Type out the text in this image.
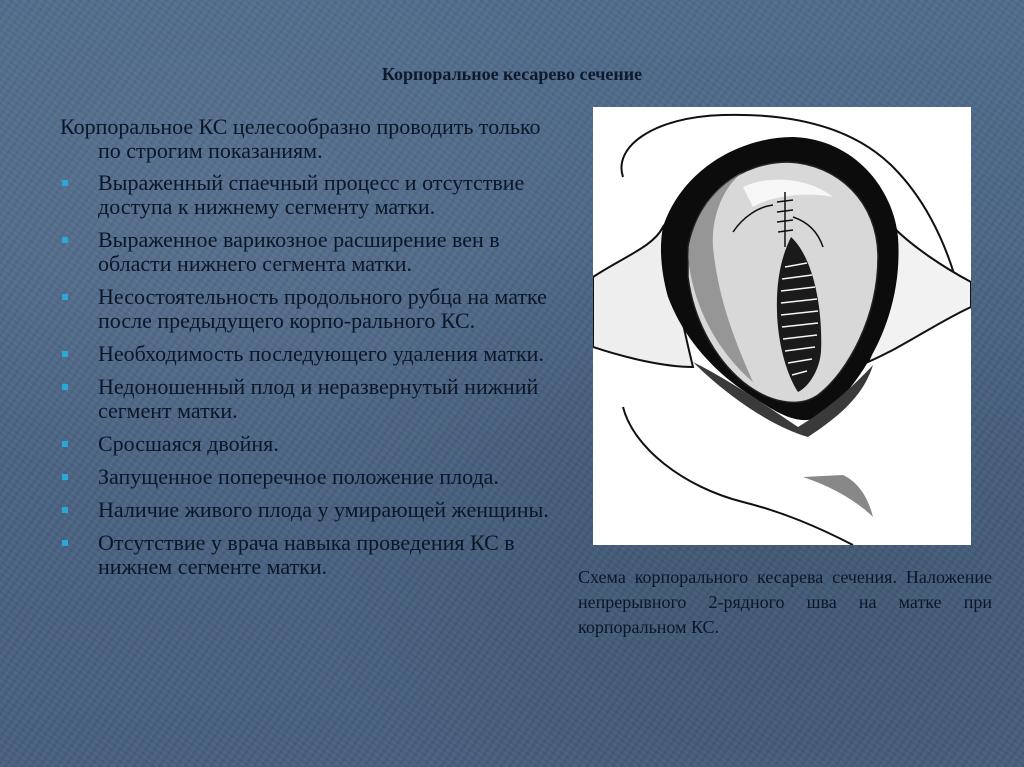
Корпоральное кесарево сечение

Корпоральное КС целесообразно проводить только по строгим показаниям.

Выраженный спаечный процесс и отсутствие доступа к нижнему сегменту матки.
Выраженное варикозное расширение вен в области нижнего сегмента матки.
Несостоятельность продольного рубца на матке после предыдущего корпо-рального КС.
Необходимость последующего удаления матки.
Недоношенный плод и неразвернутый нижний сегмент матки.
Сросшаяся двойня.
Запущенное поперечное положение плода.
Наличие живого плода у умирающей женщины.
Отсутствие у врача навыка проведения КС в нижнем сегменте матки.	Схема корпорального кесарева сечения. Наложение непрерывного 2-рядного шва на матке при корпоральном КС.
